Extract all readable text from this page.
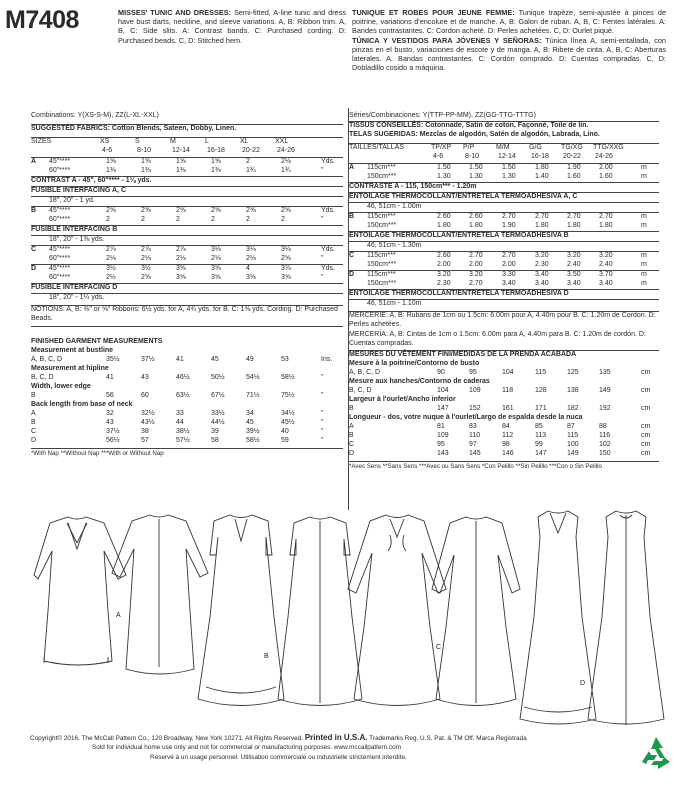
M7408	MISSES' TUNIC AND DRESSES: Semi-fitted, A-line tunic and dress have bust darts, neckline, and sleeve variations. A, B: Ribbon trim. A, B, C: Side slits. A: Contrast bands. C: Purchased cording. D: Purchased beads. C, D: Stitched hem.
TUNIQUE ET ROBES POUR JEUNE FEMME: Tunique trapèze, semi-ajustée à pinces de poitrine, variations d'encolure et de manche. A, B: Galon de ruban. A, B, C: Fentes latérales. A: Bandes contrastantes. C: Cordon acheté. D: Perles achetées. C, D: Ourlet piqué.
TÚNICA Y VESTIDOS PARA JÓVENES Y SEÑORAS: Túnica línea A, semi-entallada, con pinzas en el busto, variaciones de escote y de manga. A, B: Ribete de cinta. A, B, C: Aberturas laterales. A: Bandas contrastantes. C: Cordón comprado. D: Cuentas compradas. C, D: Dobladillo cosido a máquina.
Combinations: Y(XS-S-M), ZZ(L-XL-XXL)
SUGGESTED FABRICS: Cotton Blends, Sateen, Dobby, Linen.
SIZES	XS	S	M	L	XL	XXL
4-6	8-10	12-14 16-18 20-22 24-26
A 45"****	1⅝	1⅝	1⅝	1⅝	2	2⅛	Yds.
60"****	1⅜	1⅜	1⅜	1⅜	1¾	1¾	"
CONTRAST A - 45", 60"**** - 1⅛ yds.
FUSIBLE INTERFACING A, C
18", 20" - 1 yd.
B 45"****	2⅝	2⅝	2⅝	2⅝	2⅝	2⅝	Yds.
60"****	2	2	2	2	2	2	"
FUSIBLE INTERFACING B
18", 20" - 1⅜ yds.
C 45"****	2⅞	2⅞	2⅞	3⅛	3⅛	3⅛	Yds.
60"****	2⅛	2⅛	2⅛	2⅛	2⅛	2⅝	"
D 45"****	3½	3½	3⅝	3⅝	4	3⅞	Yds.
60"****	2½	2⅝	3⅝	3⅝	3⅝	3⅝	"
FUSIBLE INTERFACING D
18", 20" - 1¼ yds.
NOTIONS: A, B: ⅜" or ⅝" Ribbons: 6½ yds. for A, 4¾ yds. for B. C: 1⅜ yds. Cording. D: Purchased Beads.
FINISHED GARMENT MEASUREMENTS
Measurement at bustline
A, B, C, D	35½	37½	41	45	49	53	Ins.
Measurement at hipline
B, C, D	41	43	46½	50½	54½	58½	"
Width, lower edge
B	56	60	63½	67½	71½	75½	"
Back length from base of neck
A	32	32½	33	33½	34	34½	"
B	43	43½	44	44½	45	45½	"
C	37½	38	38½	39	39½	40	"
D	56½	57	57½	58	58½	59	"
*With Nap **Without Nap ***With or Without Nap
Séries/Combinaciones: Y(TTP-PP-MM), ZZ(GG-TTG-TTTG)
TISSUS CONSEILLÉS: Cotonnade, Satin de coton, Façonné, Toile de lin.
TELAS SUGERIDAS: Mezclas de algodón, Satén de algodón, Labrada, Lino.
TAILLES/TALLAS	TP/XP P/P	M/M	G/G	TG/XG TTG/XXG
4-6	8-10	12-14 16-18 20-22 24-26
A 115cm***	1.50	1.50	1.50	1.80	1.90	2.00	m
150cm***	1.30	1.30	1.30	1.40	1.60	1.60	m
CONTRASTE A - 115, 150cm*** - 1.20m
ENTOILAGE THERMOCOLLANT/ENTRETELA TERMOADHESIVA A, C
46, 51cm - 1.00m
B 115cm***	2.60	2.60	2.70	2.70	2.70	2.70	m
150cm***	1.80	1.80	1.90	1.80	1.80	1.80	m
ENTOILAGE THERMOCOLLANT/ENTRETELA TERMOADHESIVA B
46, 51cm - 1.30m
C 115cm***	2.60	2.70	2.70	3.20	3.20	3.20	m
150cm***	2.00	2.00	2.00	2.30	2.40	2.40	m
D 115cm***	3.20	3.20	3.30	3.40	3.50	3.70	m
150cm***	2.30	2.70	3.40	3.40	3.40	3.40	m
ENTOILAGE THERMOCOLLANT/ENTRETELA TERMOADHESIVA D
46, 51cm - 1.10m
MERCERIE: A, B: Rubans de 1cm ou 1.5cm: 6.00m pour A, 4.40m pour B. C: 1.20m de Cordon. D: Perles achetées.
MERCERÍA: A, B: Cintas de 1cm o 1.5cm: 6.00m para A, 4.40m para B. C: 1.20m de cordón. D: Cuentas compradas.
MESURES DU VÊTEMENT FINI/MEDIDAS DE LA PRENDA ACABADA
Mesure à la poitrine/Contorno de busto
A, B, C, D	90	95	104	115	125	135	cm
Mesure aux hanches/Contorno de caderas
B, C, D	104	109	118	128	138	149	cm
Largeur à l'ourlet/Ancho inferior
B	147	152	161	171	182	192	cm
Longueur - dos, votre nuque à l'ourlet/Largo de espalda desde la nuca
A	81	83	84	85	87	88	cm
B	109	110	112	113	115	116	cm
C	95	97	98	99	100	102	cm
D	143	145	146	147	149	150	cm
*Avec Sens **Sans Sens ***Avec ou Sans Sens *Con Pelillo **Sin Pelillo ***Con o Sin Pelillo
A
B
C
D
Copyright© 2016, The McCall Pattern Co., 120 Broadway, New York 10271. All Rights Reserved. Printed in U.S.A. Trademarks Reg. U.S. Pat. & TM Off. Marca Registrada
Sold for individual home use only and not for commercial or manufacturing purposes. www.mccallpattern.com
Réservé à un usage personnel. Utilisation commerciale ou industrielle strictement interdite.
